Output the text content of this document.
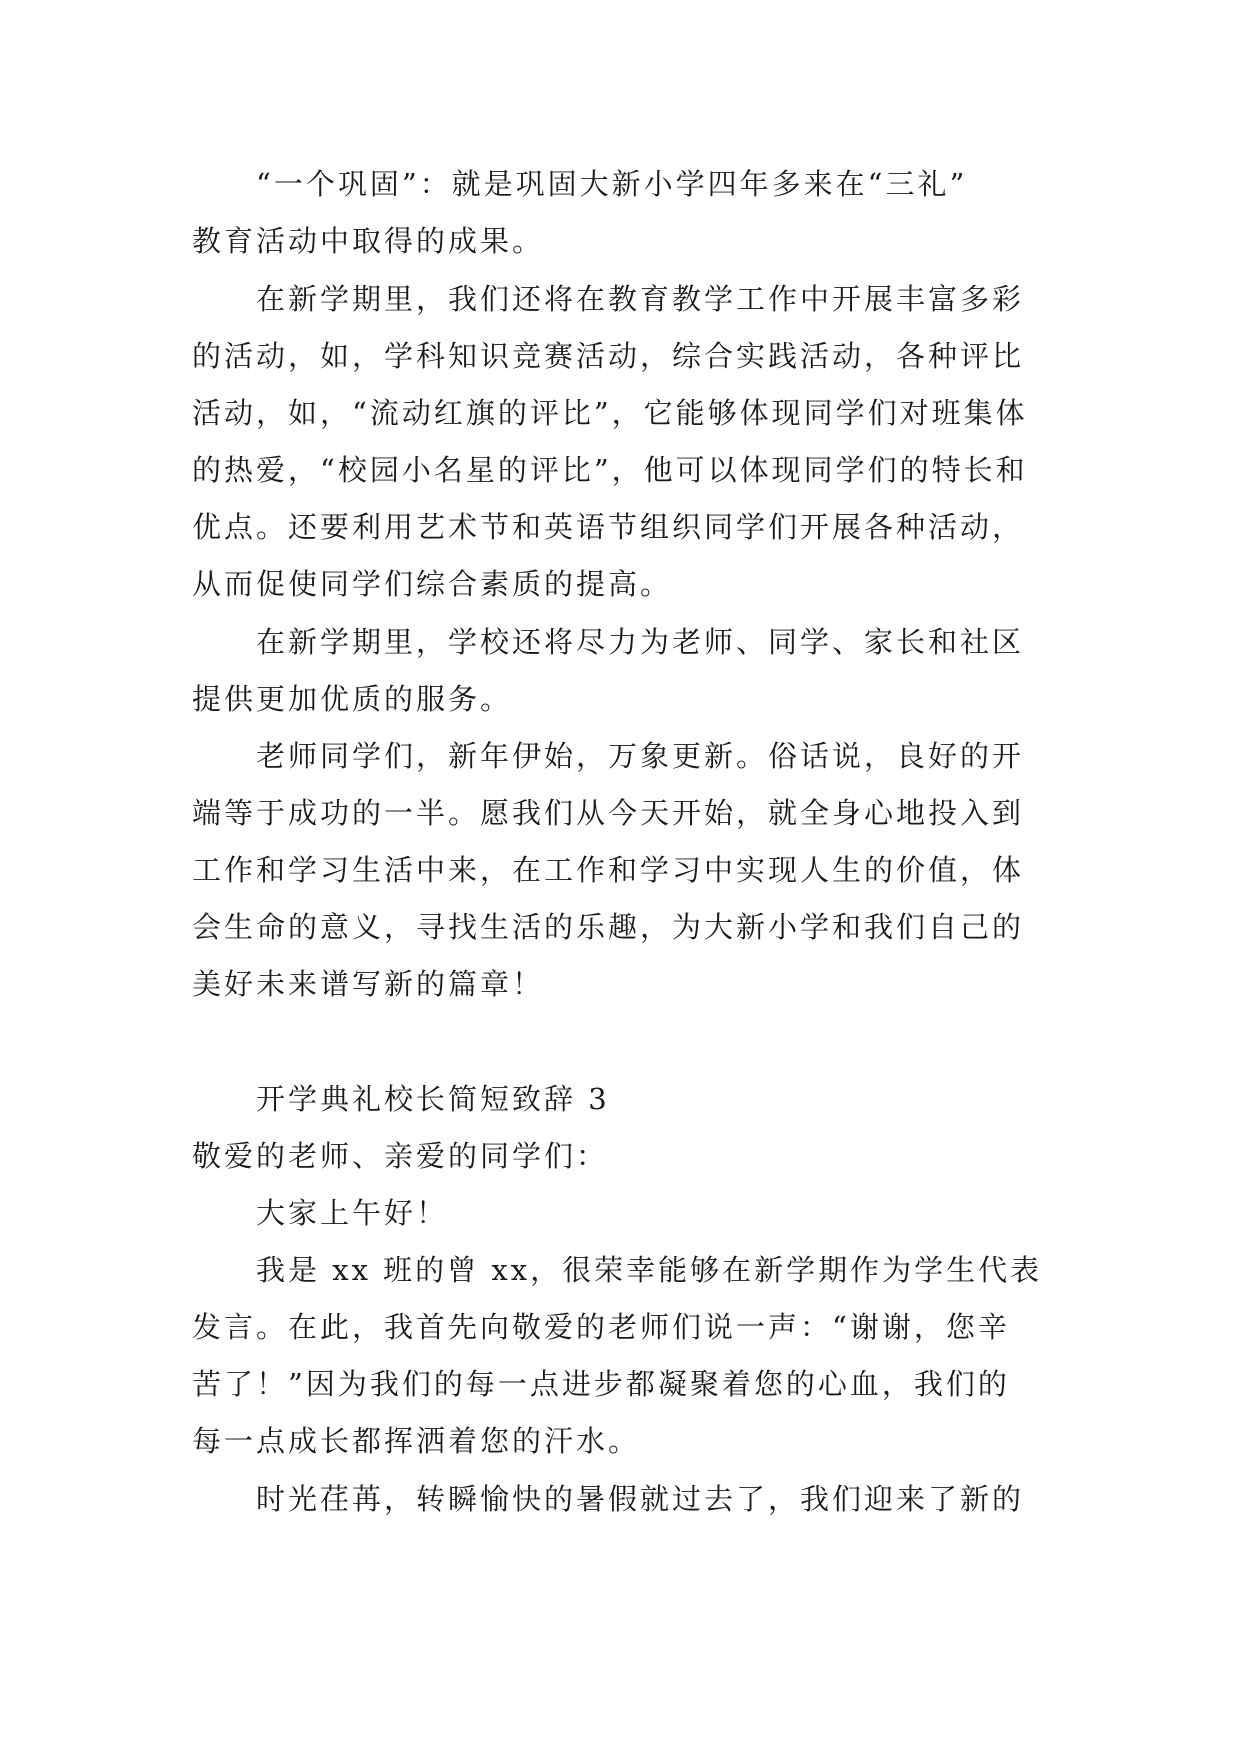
“一个巩固”：就是巩固大新小学四年多来在“三礼”
教育活动中取得的成果。
在新学期里，我们还将在教育教学工作中开展丰富多彩
的活动，如，学科知识竞赛活动，综合实践活动，各种评比
活动，如，“流动红旗的评比”，它能够体现同学们对班集体
的热爱，“校园小名星的评比”，他可以体现同学们的特长和
优点。还要利用艺术节和英语节组织同学们开展各种活动，
从而促使同学们综合素质的提高。
在新学期里，学校还将尽力为老师、同学、家长和社区
提供更加优质的服务。
老师同学们，新年伊始，万象更新。俗话说，良好的开
端等于成功的一半。愿我们从今天开始，就全身心地投入到
工作和学习生活中来，在工作和学习中实现人生的价值，体
会生命的意义，寻找生活的乐趣，为大新小学和我们自己的
美好未来谱写新的篇章！
开学典礼校长简短致辞 3
敬爱的老师、亲爱的同学们：
大家上午好！
我是 xx 班的曾 xx，很荣幸能够在新学期作为学生代表
发言。在此，我首先向敬爱的老师们说一声：“谢谢，您辛
苦了！”因为我们的每一点进步都凝聚着您的心血，我们的
每一点成长都挥洒着您的汗水。
时光荏苒，转瞬愉快的暑假就过去了，我们迎来了新的
